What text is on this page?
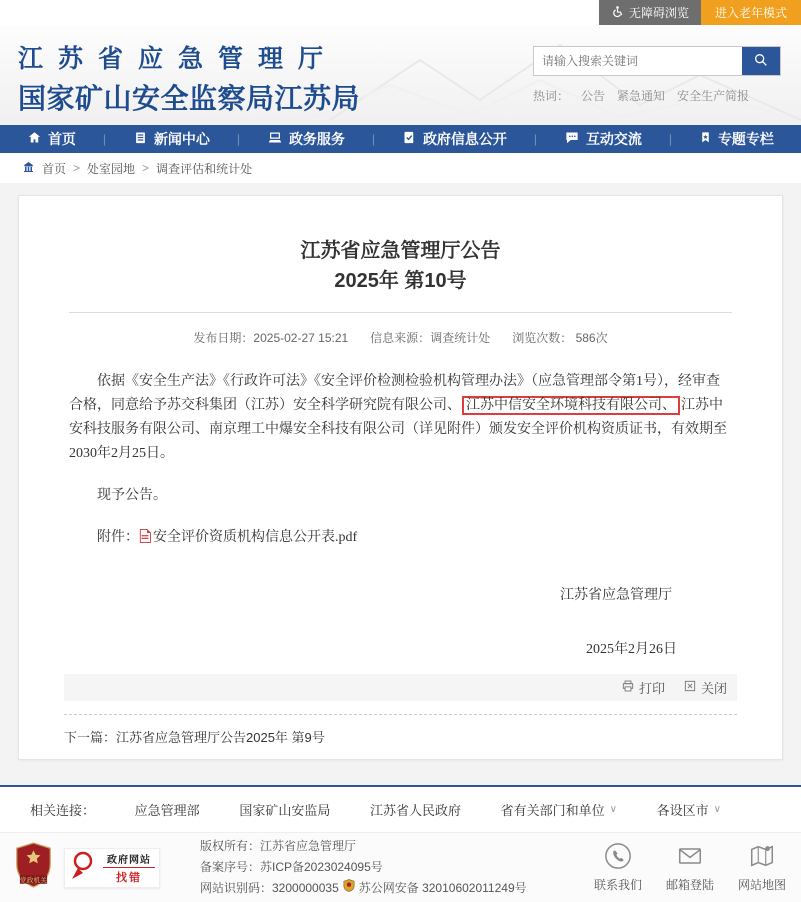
无障碍浏览	进入老年模式
江苏省应急管理厅
国家矿山安全监察局江苏局
请输入搜索关键词	热词： 公告 紧急通知 安全生产简报
首页 |	新闻中心 |	政务服务 |	政府信息公开 |	互动交流 |	专题专栏
首页 > 处室园地 > 调查评估和统计处
江苏省应急管理厅公告
2025年 第10号
发布日期：2025-02-27 15:21 信息来源：调查统计处 浏览次数： 586次

依据《安全生产法》《行政许可法》《安全评价检测检验机构管理办法》（应急管理部令第1号），经审查合格，同意给予苏交科集团（江苏）安全科学研究院有限公司、 江苏中信安全环境科技有限公司、 江苏中安科技服务有限公司、南京理工中爆安全科技有限公司（详见附件）颁发安全评价机构资质证书，有效期至2030年2月25日。

现予公告。

附件： 安全评价资质机构信息公开表.pdf

江苏省应急管理厅
2025年2月26日
打印	关闭
下一篇：江苏省应急管理厅公告2025年 第9号
相关连接：	应急管理部	国家矿山安监局	江苏省人民政府	省有关部门和单位 ∨	各设区市 ∨
党政机关
政府网站
找错
版权所有：江苏省应急管理厅
备案序号：苏ICP备2023024095号
网站识别码：3200000035 苏公网安备 32010602011249号	联系我们 邮箱登陆 网站地图
